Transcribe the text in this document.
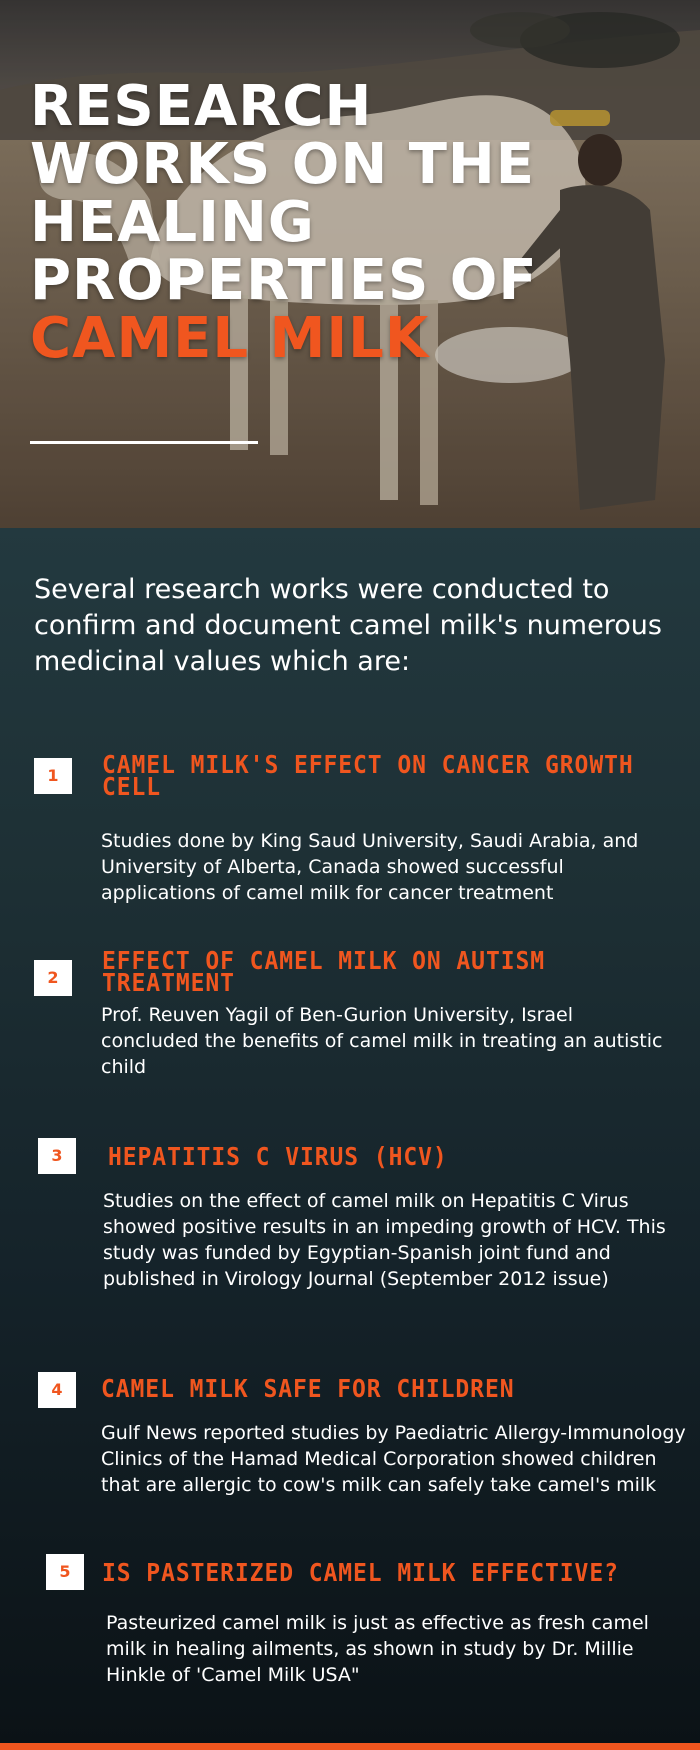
RESEARCH
WORKS ON THE
HEALING
PROPERTIES OF
CAMEL MILK

Several research works were conducted to confirm and document camel milk's numerous medicinal values which are:

1	CAMEL MILK'S EFFECT ON CANCER GROWTH CELL

Studies done by King Saud University, Saudi Arabia, and University of Alberta, Canada showed successful applications of camel milk for cancer treatment

2
EFFECT OF CAMEL MILK ON AUTISM TREATMENT

Prof. Reuven Yagil of Ben-Gurion University, Israel concluded the benefits of camel milk in treating an autistic child

3	HEPATITIS C VIRUS (HCV)

Studies on the effect of camel milk on Hepatitis C Virus showed positive results in an impeding growth of HCV. This study was funded by Egyptian-Spanish joint fund and published in Virology Journal (September 2012 issue)

4	CAMEL MILK SAFE FOR CHILDREN

Gulf News reported studies by Paediatric Allergy-Immunology Clinics of the Hamad Medical Corporation showed children that are allergic to cow's milk can safely take camel's milk

5	IS PASTERIZED CAMEL MILK EFFECTIVE?

Pasteurized camel milk is just as effective as fresh camel milk in healing ailments, as shown in study by Dr. Millie Hinkle of 'Camel Milk USA"
